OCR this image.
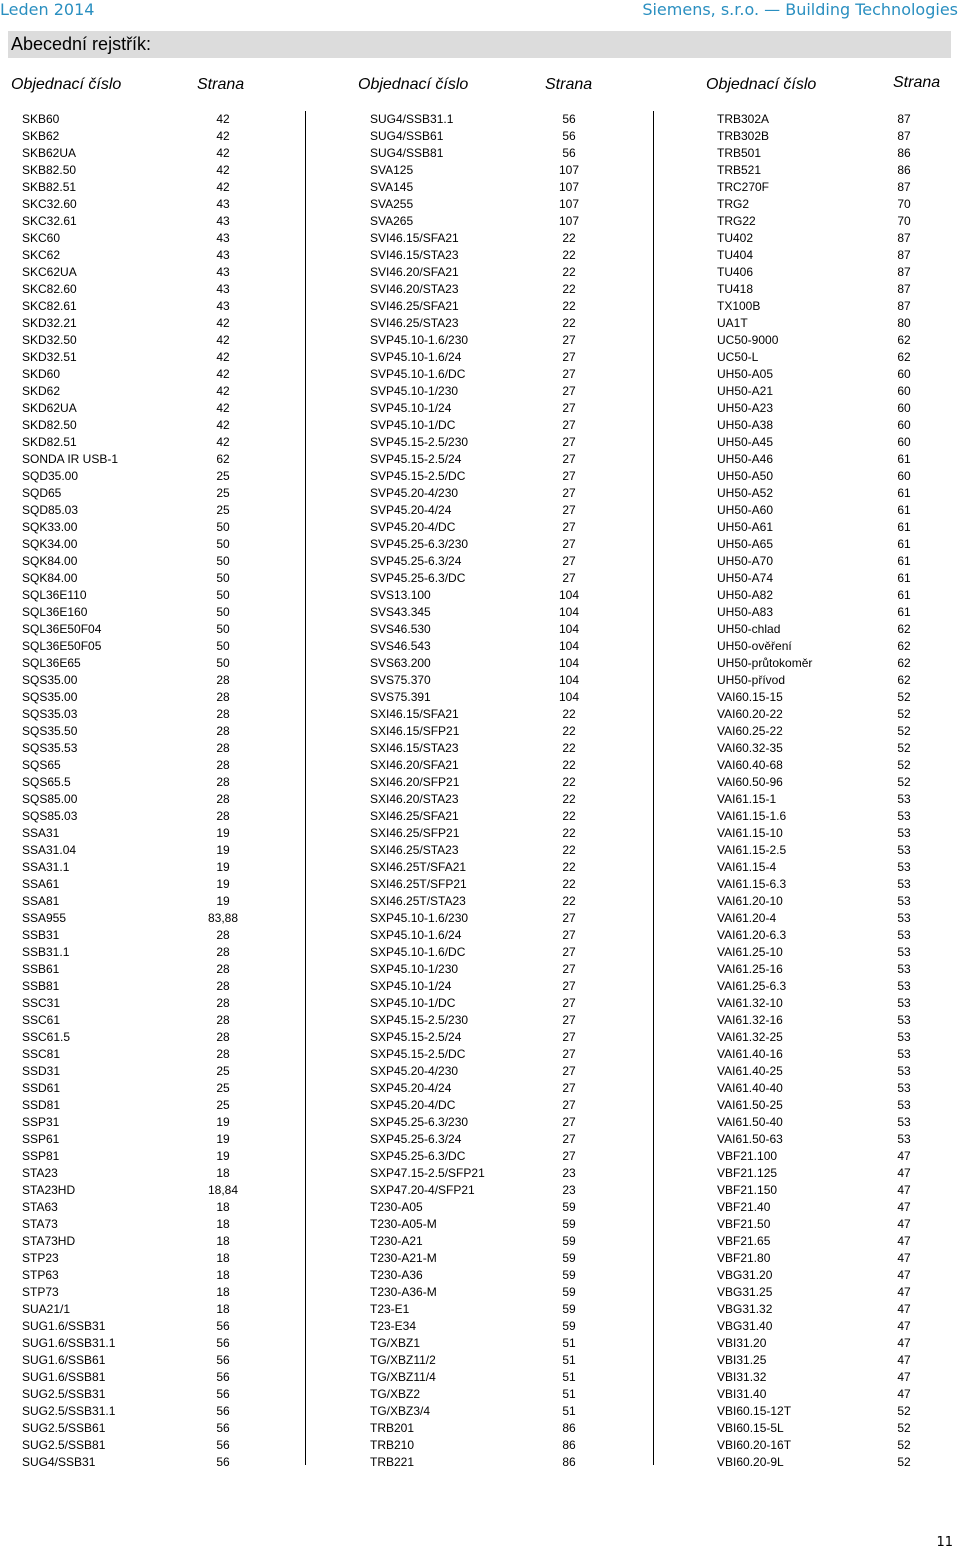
Leden 2014	Siemens, s.r.o. — Building Technologies
Abecední rejstřík:
Objednací číslo	Strana	Objednací číslo	Strana	Objednací číslo	Strana
SKB60	42
SKB62	42
SKB62UA	42
SKB82.50	42
SKB82.51	42
SKC32.60	43
SKC32.61	43
SKC60	43
SKC62	43
SKC62UA	43
SKC82.60	43
SKC82.61	43
SKD32.21	42
SKD32.50	42
SKD32.51	42
SKD60	42
SKD62	42
SKD62UA	42
SKD82.50	42
SKD82.51	42
SONDA IR USB-1	62
SQD35.00	25
SQD65	25
SQD85.03	25
SQK33.00	50
SQK34.00	50
SQK84.00	50
SQK84.00	50
SQL36E110	50
SQL36E160	50
SQL36E50F04	50
SQL36E50F05	50
SQL36E65	50
SQS35.00	28
SQS35.00	28
SQS35.03	28
SQS35.50	28
SQS35.53	28
SQS65	28
SQS65.5	28
SQS85.00	28
SQS85.03	28
SSA31	19
SSA31.04	19
SSA31.1	19
SSA61	19
SSA81	19
SSA955	83,88
SSB31	28
SSB31.1	28
SSB61	28
SSB81	28
SSC31	28
SSC61	28
SSC61.5	28
SSC81	28
SSD31	25
SSD61	25
SSD81	25
SSP31	19
SSP61	19
SSP81	19
STA23	18
STA23HD	18,84
STA63	18
STA73	18
STA73HD	18
STP23	18
STP63	18
STP73	18
SUA21/1	18
SUG1.6/SSB31	56
SUG1.6/SSB31.1	56
SUG1.6/SSB61	56
SUG1.6/SSB81	56
SUG2.5/SSB31	56
SUG2.5/SSB31.1	56
SUG2.5/SSB61	56
SUG2.5/SSB81	56
SUG4/SSB31	56
SUG4/SSB31.1	56
SUG4/SSB61	56
SUG4/SSB81	56
SVA125	107
SVA145	107
SVA255	107
SVA265	107
SVI46.15/SFA21	22
SVI46.15/STA23	22
SVI46.20/SFA21	22
SVI46.20/STA23	22
SVI46.25/SFA21	22
SVI46.25/STA23	22
SVP45.10-1.6/230	27
SVP45.10-1.6/24	27
SVP45.10-1.6/DC	27
SVP45.10-1/230	27
SVP45.10-1/24	27
SVP45.10-1/DC	27
SVP45.15-2.5/230	27
SVP45.15-2.5/24	27
SVP45.15-2.5/DC	27
SVP45.20-4/230	27
SVP45.20-4/24	27
SVP45.20-4/DC	27
SVP45.25-6.3/230	27
SVP45.25-6.3/24	27
SVP45.25-6.3/DC	27
SVS13.100	104
SVS43.345	104
SVS46.530	104
SVS46.543	104
SVS63.200	104
SVS75.370	104
SVS75.391	104
SXI46.15/SFA21	22
SXI46.15/SFP21	22
SXI46.15/STA23	22
SXI46.20/SFA21	22
SXI46.20/SFP21	22
SXI46.20/STA23	22
SXI46.25/SFA21	22
SXI46.25/SFP21	22
SXI46.25/STA23	22
SXI46.25T/SFA21	22
SXI46.25T/SFP21	22
SXI46.25T/STA23	22
SXP45.10-1.6/230	27
SXP45.10-1.6/24	27
SXP45.10-1.6/DC	27
SXP45.10-1/230	27
SXP45.10-1/24	27
SXP45.10-1/DC	27
SXP45.15-2.5/230	27
SXP45.15-2.5/24	27
SXP45.15-2.5/DC	27
SXP45.20-4/230	27
SXP45.20-4/24	27
SXP45.20-4/DC	27
SXP45.25-6.3/230	27
SXP45.25-6.3/24	27
SXP45.25-6.3/DC	27
SXP47.15-2.5/SFP21	23
SXP47.20-4/SFP21	23
T230-A05	59
T230-A05-M	59
T230-A21	59
T230-A21-M	59
T230-A36	59
T230-A36-M	59
T23-E1	59
T23-E34	59
TG/XBZ1	51
TG/XBZ11/2	51
TG/XBZ11/4	51
TG/XBZ2	51
TG/XBZ3/4	51
TRB201	86
TRB210	86
TRB221	86
TRB302A	87
TRB302B	87
TRB501	86
TRB521	86
TRC270F	87
TRG2	70
TRG22	70
TU402	87
TU404	87
TU406	87
TU418	87
TX100B	87
UA1T	80
UC50-9000	62
UC50-L	62
UH50-A05	60
UH50-A21	60
UH50-A23	60
UH50-A38	60
UH50-A45	60
UH50-A46	61
UH50-A50	60
UH50-A52	61
UH50-A60	61
UH50-A61	61
UH50-A65	61
UH50-A70	61
UH50-A74	61
UH50-A82	61
UH50-A83	61
UH50-chlad	62
UH50-ověření	62
UH50-průtokoměr	62
UH50-přívod	62
VAI60.15-15	52
VAI60.20-22	52
VAI60.25-22	52
VAI60.32-35	52
VAI60.40-68	52
VAI60.50-96	52
VAI61.15-1	53
VAI61.15-1.6	53
VAI61.15-10	53
VAI61.15-2.5	53
VAI61.15-4	53
VAI61.15-6.3	53
VAI61.20-10	53
VAI61.20-4	53
VAI61.20-6.3	53
VAI61.25-10	53
VAI61.25-16	53
VAI61.25-6.3	53
VAI61.32-10	53
VAI61.32-16	53
VAI61.32-25	53
VAI61.40-16	53
VAI61.40-25	53
VAI61.40-40	53
VAI61.50-25	53
VAI61.50-40	53
VAI61.50-63	53
VBF21.100	47
VBF21.125	47
VBF21.150	47
VBF21.40	47
VBF21.50	47
VBF21.65	47
VBF21.80	47
VBG31.20	47
VBG31.25	47
VBG31.32	47
VBG31.40	47
VBI31.20	47
VBI31.25	47
VBI31.32	47
VBI31.40	47
VBI60.15-12T	52
VBI60.15-5L	52
VBI60.20-16T	52
VBI60.20-9L	52
11
